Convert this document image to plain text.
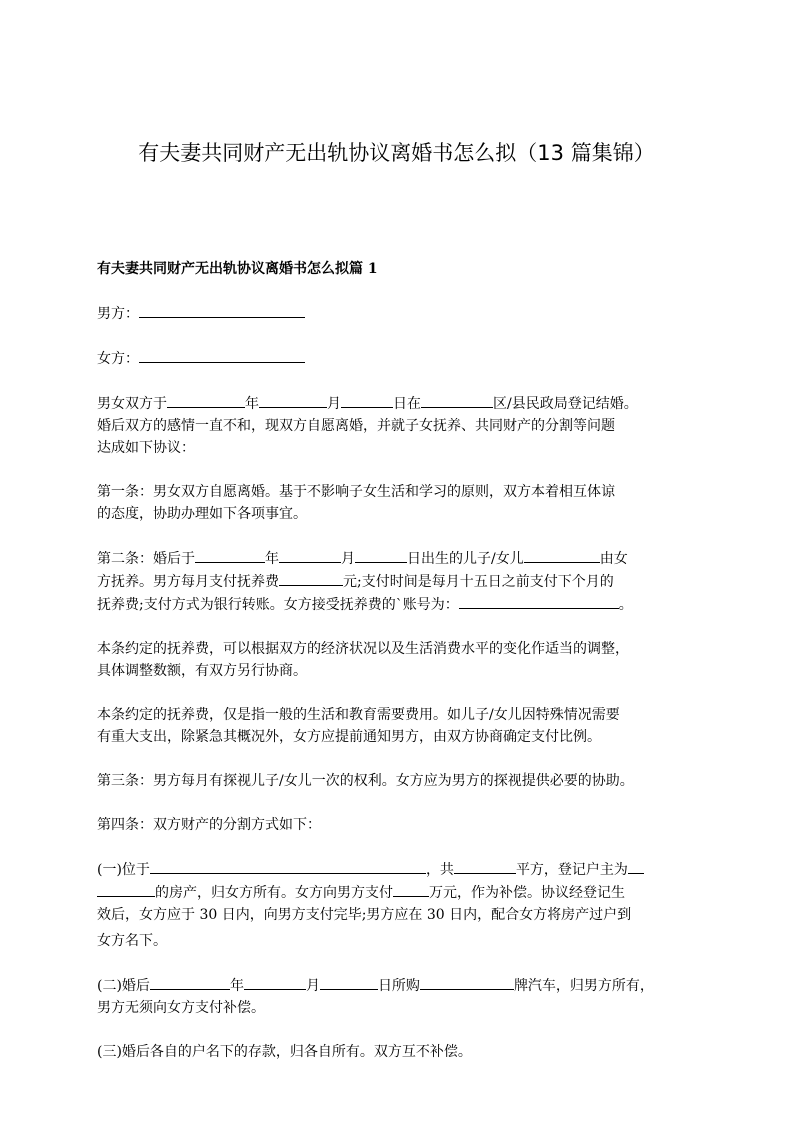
有夫妻共同财产无出轨协议离婚书怎么拟（13 篇集锦）
有夫妻共同财产无出轨协议离婚书怎么拟篇 1

男方：

女方：

男女双方于	年	月	日在	区/县民政局登记结婚。

婚后双方的感情一直不和，现双方自愿离婚，并就子女抚养、共同财产的分割等问题

达成如下协议：

第一条：男女双方自愿离婚。基于不影响子女生活和学习的原则，双方本着相互体谅

的态度，协助办理如下各项事宜。

第二条：婚后于	年	月	日出生的儿子/女儿	由女

方抚养。男方每月支付抚养费	元;支付时间是每月十五日之前支付下个月的

抚养费;支付方式为银行转账。女方接受抚养费的`账号为：	。

本条约定的抚养费，可以根据双方的经济状况以及生活消费水平的变化作适当的调整，

具体调整数额，有双方另行协商。

本条约定的抚养费，仅是指一般的生活和教育需要费用。如儿子/女儿因特殊情况需要

有重大支出，除紧急其概况外，女方应提前通知男方，由双方协商确定支付比例。

第三条：男方每月有探视儿子/女儿一次的权利。女方应为男方的探视提供必要的协助。

第四条：双方财产的分割方式如下：

(一)位于	，共	平方，登记户主为

的房产，归女方所有。女方向男方支付	万元，作为补偿。协议经登记生

效后，女方应于 30 日内，向男方支付完毕;男方应在 30 日内，配合女方将房产过户到

女方名下。

(二)婚后	年	月	日所购	牌汽车，归男方所有，

男方无须向女方支付补偿。

(三)婚后各自的户名下的存款，归各自所有。双方互不补偿。
